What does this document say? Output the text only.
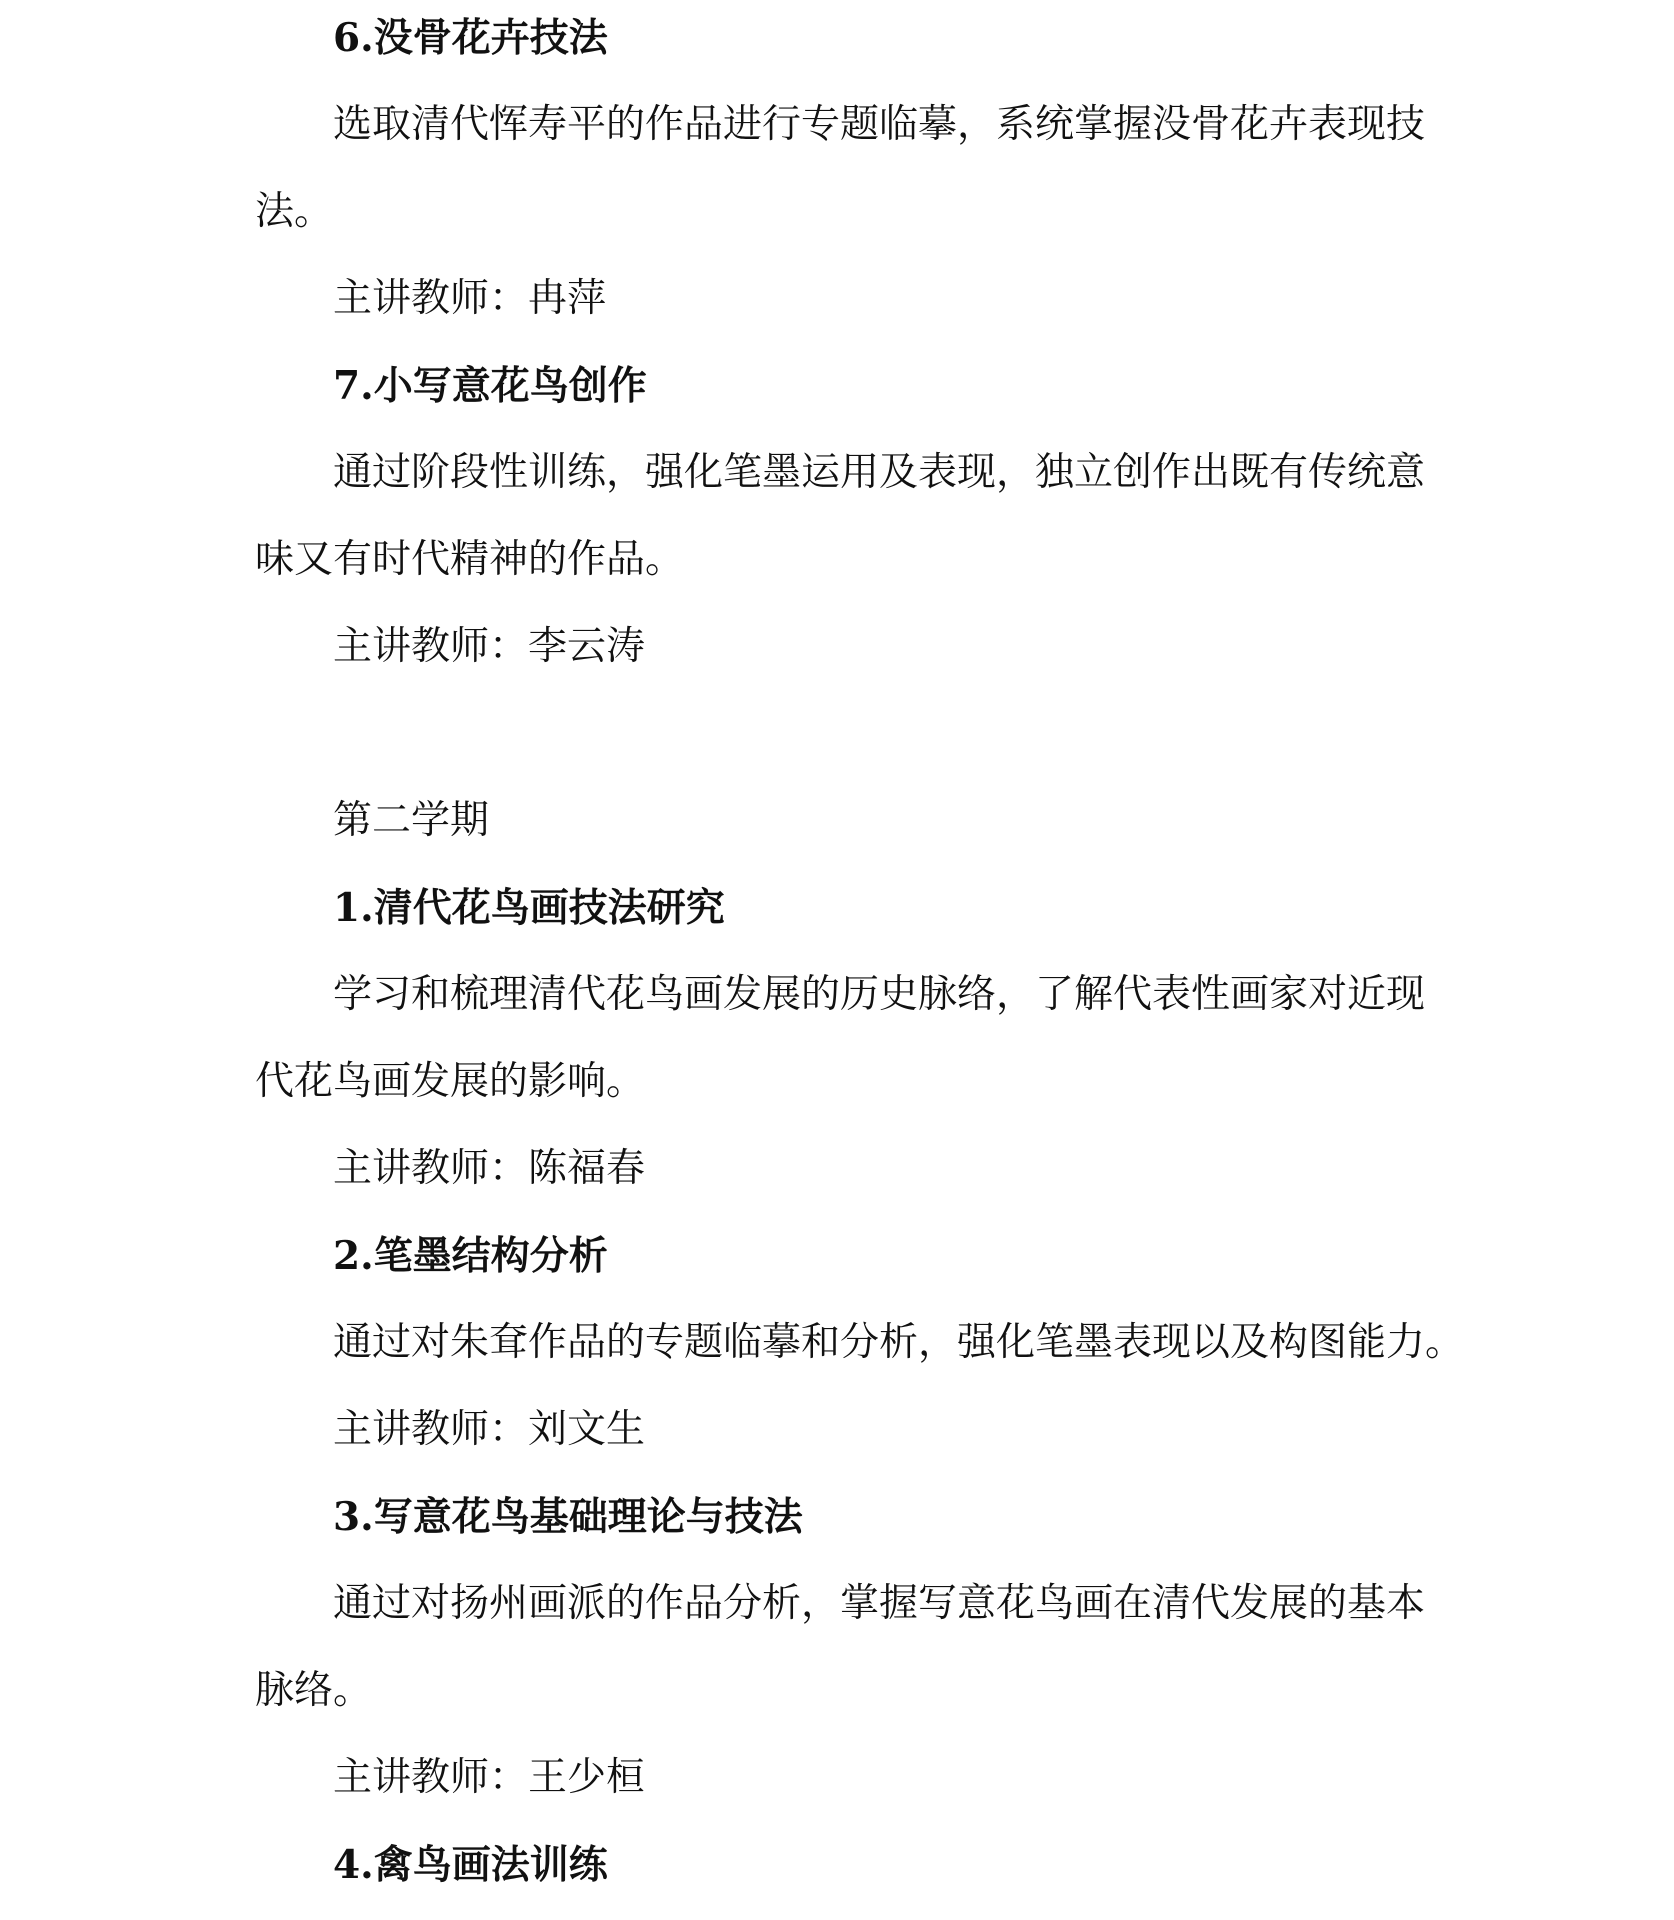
6.没骨花卉技法

选取清代恽寿平的作品进行专题临摹，系统掌握没骨花卉表现技

法。

主讲教师：冉萍

7.小写意花鸟创作

通过阶段性训练，强化笔墨运用及表现，独立创作出既有传统意

味又有时代精神的作品。

主讲教师：李云涛

第二学期

1.清代花鸟画技法研究

学习和梳理清代花鸟画发展的历史脉络，了解代表性画家对近现

代花鸟画发展的影响。

主讲教师：陈福春

2.笔墨结构分析

通过对朱耷作品的专题临摹和分析，强化笔墨表现以及构图能力。

主讲教师：刘文生

3.写意花鸟基础理论与技法

通过对扬州画派的作品分析，掌握写意花鸟画在清代发展的基本

脉络。

主讲教师：王少桓

4.禽鸟画法训练
